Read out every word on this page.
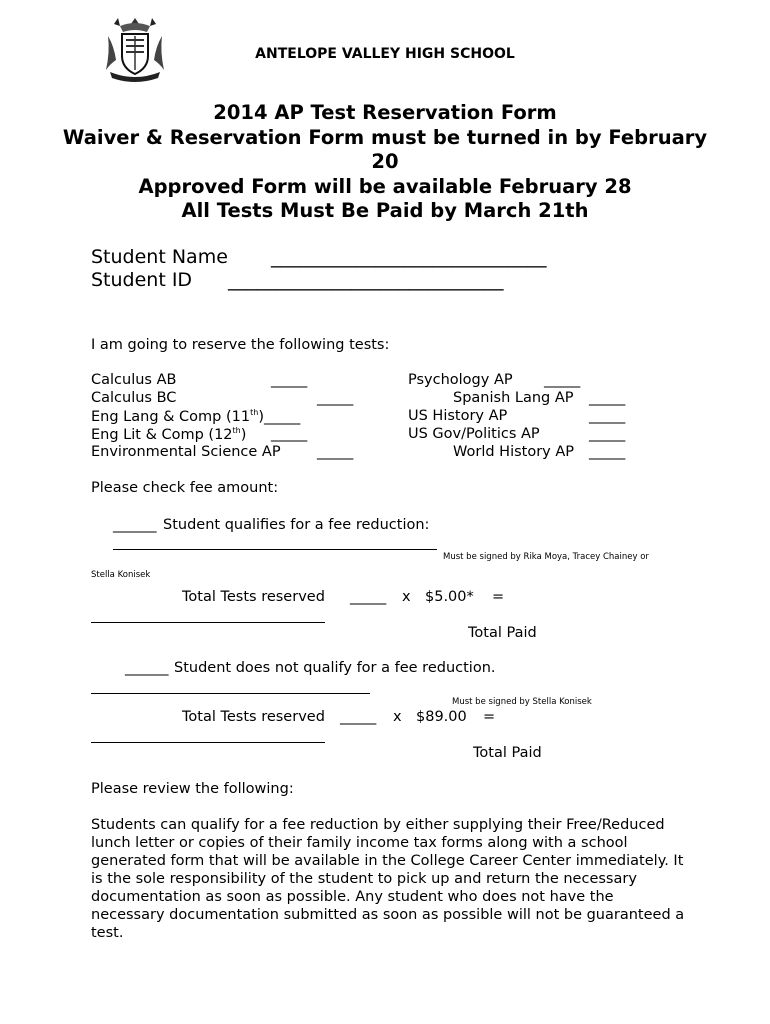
ANTELOPE VALLEY HIGH SCHOOL
2014 AP Test Reservation Form
Waiver & Reservation Form must be turned in by February 20
Approved Form will be available February 28
All Tests Must Be Paid by March 21th
Student Name _____________________________
Student ID _____________________________
I am going to reserve the following tests:
Calculus AB	_____
Calculus BC	_____
Eng Lang & Comp (11th)_____
Eng Lit & Comp (12th) _____
Environmental Science AP	_____
Psychology AP _____
Spanish Lang AP _____
US History AP	_____
US Gov/Politics AP	_____
World History AP _____
Please check fee amount:
______ Student qualifies for a fee reduction:
Must be signed by Rika Moya, Tracey Chainey or
Stella Konisek
Total Tests reserved _____ x $5.00* =
Total Paid
______ Student does not qualify for a fee reduction.
Must be signed by Stella Konisek
Total Tests reserved _____ x $89.00 =
Total Paid
Please review the following:
Students can qualify for a fee reduction by either supplying their Free/Reduced lunch letter or copies of their family income tax forms along with a school generated form that will be available in the College Career Center immediately. It is the sole responsibility of the student to pick up and return the necessary documentation as soon as possible. Any student who does not have the necessary documentation submitted as soon as possible will not be guaranteed a test.
